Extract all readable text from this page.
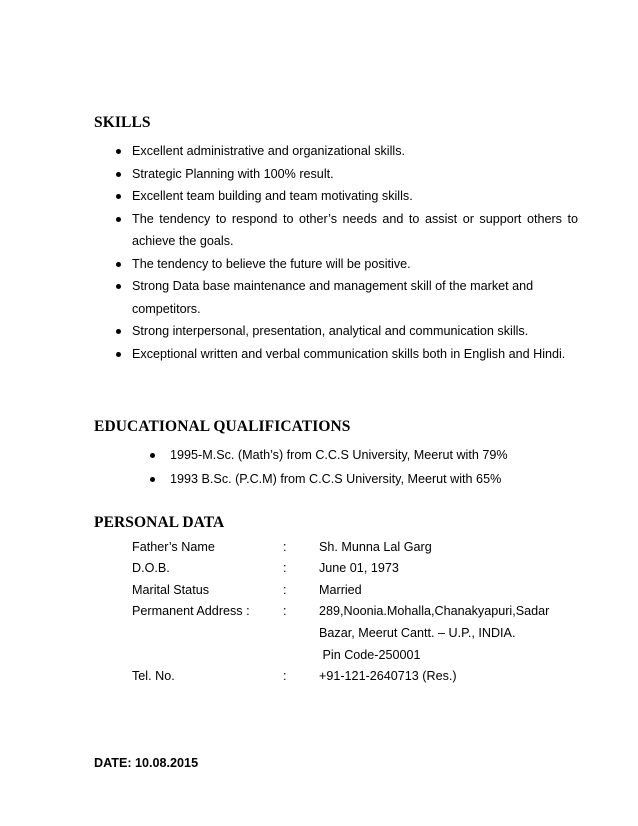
SKILLS
Excellent administrative and organizational skills.
Strategic Planning with 100% result.
Excellent team building and team motivating skills.
The tendency to respond to other’s needs and to assist or support others to
achieve the goals.
The tendency to believe the future will be positive.
Strong Data base maintenance and management skill of the market and
competitors.
Strong interpersonal, presentation, analytical and communication skills.
Exceptional written and verbal communication skills both in English and Hindi.
EDUCATIONAL QUALIFICATIONS
1995-M.Sc. (Math’s) from C.C.S University, Meerut with 79%
1993 B.Sc. (P.C.M) from C.C.S University, Meerut with 65%
PERSONAL DATA
Father’s Name	:	Sh. Munna Lal Garg
D.O.B.	:	June 01, 1973
Marital Status	:	Married
Permanent Address :	:	289,Noonia.Mohalla,Chanakyapuri,Sadar
Bazar, Meerut Cantt. – U.P., INDIA.
Pin Code-250001
Tel. No.	:	+91-121-2640713 (Res.)
DATE: 10.08.2015
